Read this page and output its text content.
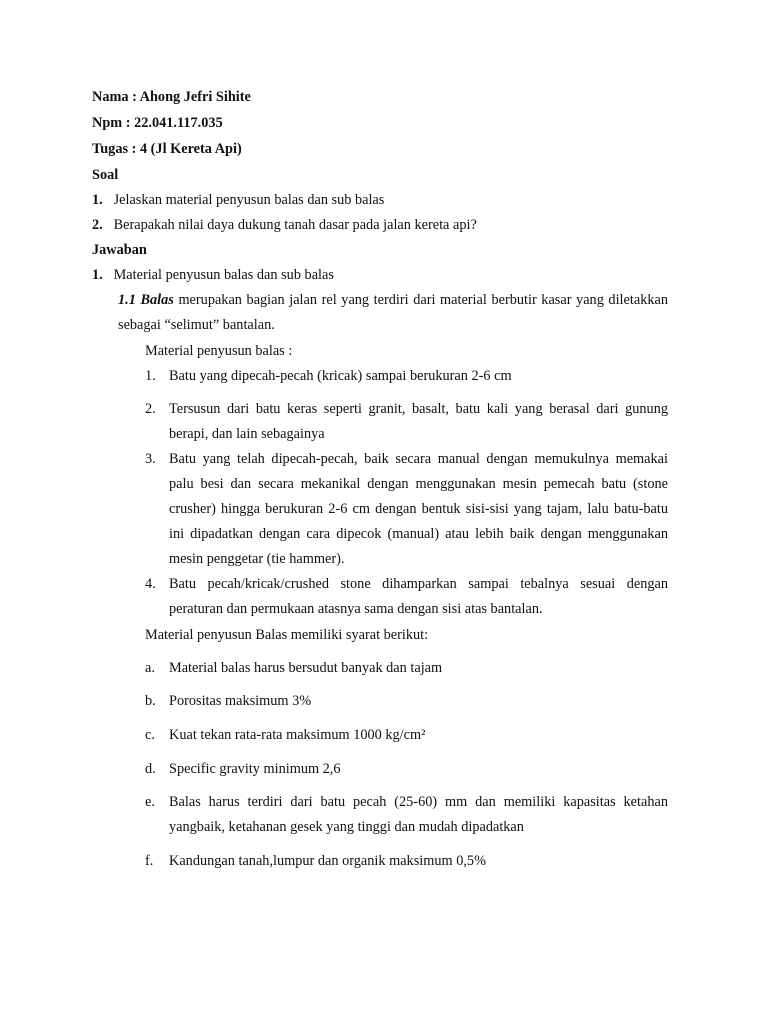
Nama : Ahong Jefri Sihite
Npm : 22.041.117.035
Tugas : 4 (Jl Kereta Api)
Soal
1. Jelaskan material penyusun balas dan sub balas
2. Berapakah nilai daya dukung tanah dasar pada jalan kereta api?
Jawaban
1. Material penyusun balas dan sub balas

1.1 Balas merupakan bagian jalan rel yang terdiri dari material berbutir kasar yang diletakkan sebagai “selimut” bantalan.

Material penyusun balas :
1. Batu yang dipecah-pecah (kricak) sampai berukuran 2-6 cm
2. Tersusun dari batu keras seperti granit, basalt, batu kali yang berasal dari gunung berapi, dan lain sebagainya
3. Batu yang telah dipecah-pecah, baik secara manual dengan memukulnya memakai palu besi dan secara mekanikal dengan menggunakan mesin pemecah batu (stone crusher) hingga berukuran 2-6 cm dengan bentuk sisi-sisi yang tajam, lalu batu-batu ini dipadatkan dengan cara dipecok (manual) atau lebih baik dengan menggunakan mesin penggetar (tie hammer).
4. Batu pecah/kricak/crushed stone dihamparkan sampai tebalnya sesuai dengan peraturan dan permukaan atasnya sama dengan sisi atas bantalan.
Material penyusun Balas memiliki syarat berikut:
a. Material balas harus bersudut banyak dan tajam
b. Porositas maksimum 3%
c. Kuat tekan rata-rata maksimum 1000 kg/cm²
d. Specific gravity minimum 2,6
e. Balas harus terdiri dari batu pecah (25-60) mm dan memiliki kapasitas ketahan yangbaik, ketahanan gesek yang tinggi dan mudah dipadatkan
f. Kandungan tanah,lumpur dan organik maksimum 0,5%
